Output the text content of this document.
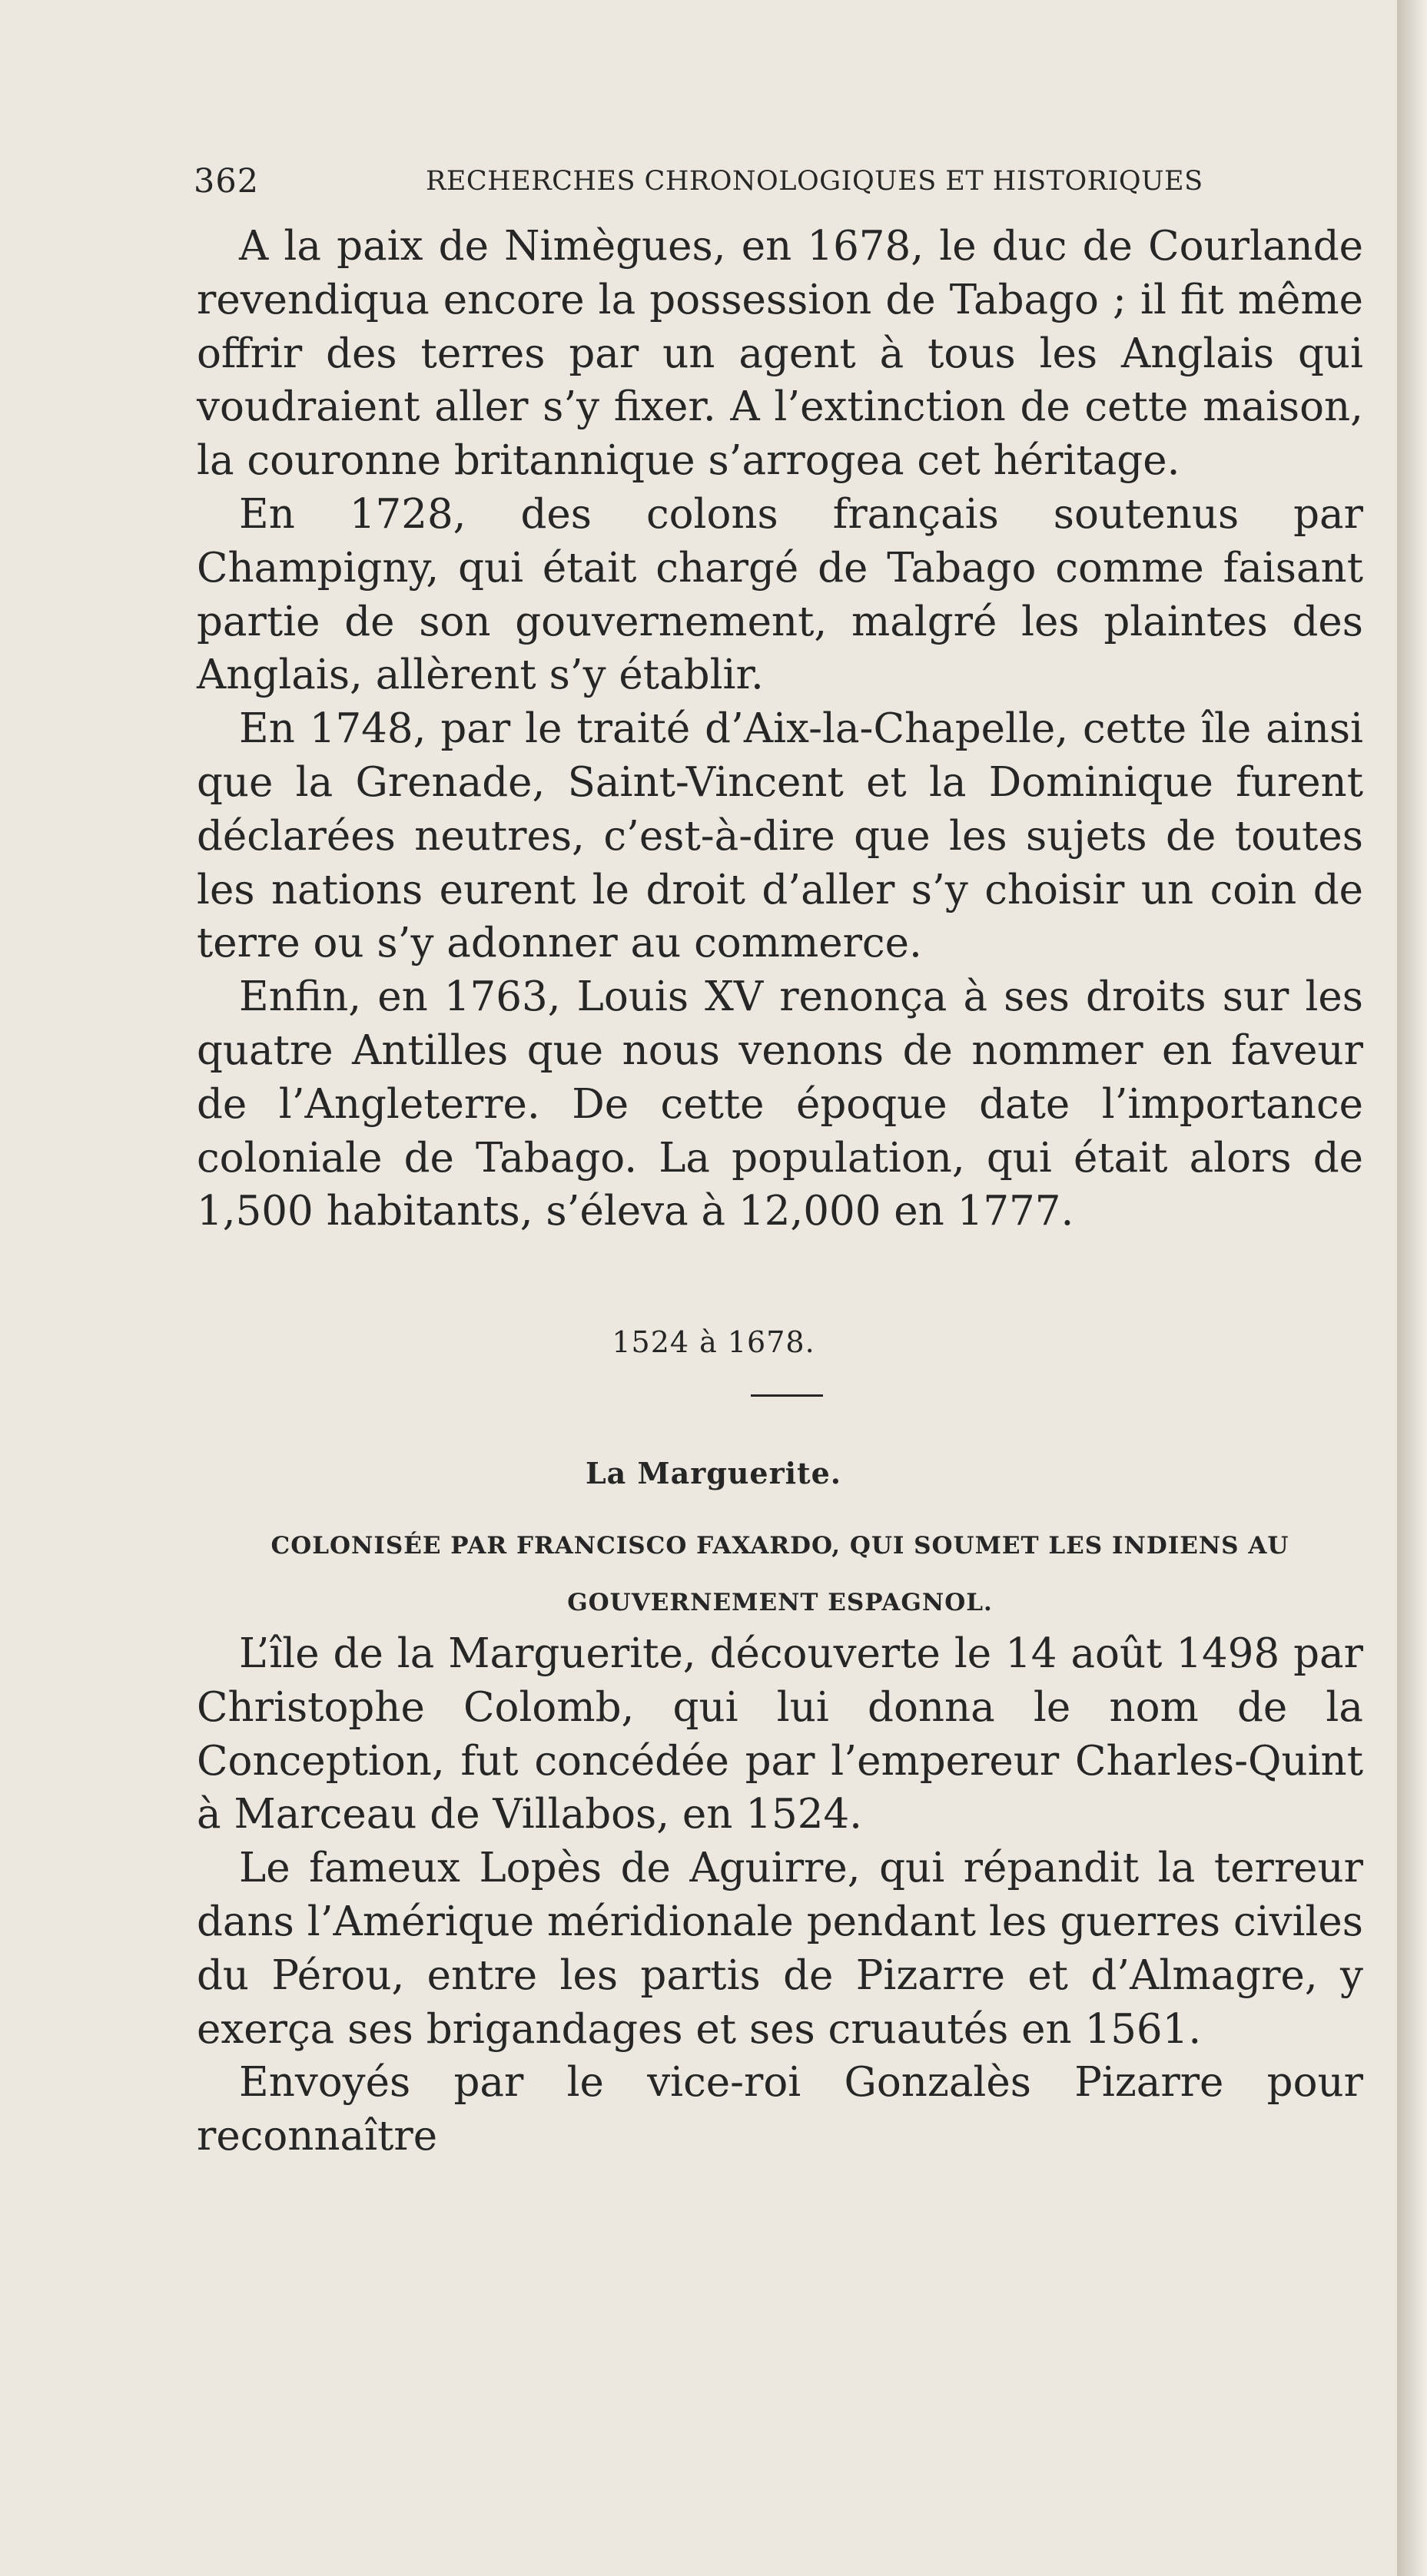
362	RECHERCHES CHRONOLOGIQUES ET HISTORIQUES

A la paix de Nimègues, en 1678, le duc de Courlande revendiqua encore la possession de Tabago ; il fit même offrir des terres par un agent à tous les Anglais qui voudraient aller s’y fixer. A l’extinction de cette maison, la couronne britannique s’arrogea cet héritage.

En 1728, des colons français soutenus par Champigny, qui était chargé de Tabago comme faisant partie de son gouvernement, malgré les plaintes des Anglais, allèrent s’y établir.

En 1748, par le traité d’Aix-la-Chapelle, cette île ainsi que la Grenade, Saint-Vincent et la Dominique furent déclarées neutres, c’est-à-dire que les sujets de toutes les nations eurent le droit d’aller s’y choisir un coin de terre ou s’y adonner au commerce.

Enfin, en 1763, Louis XV renonça à ses droits sur les quatre Antilles que nous venons de nommer en faveur de l’Angleterre. De cette époque date l’importance coloniale de Tabago. La population, qui était alors de 1,500 habitants, s’éleva à 12,000 en 1777.

1524 à 1678.
La Marguerite.
COLONISÉE PAR FRANCISCO FAXARDO, QUI SOUMET LES INDIENS AU GOUVERNEMENT ESPAGNOL.

L’île de la Marguerite, découverte le 14 août 1498 par Christophe Colomb, qui lui donna le nom de la Conception, fut concédée par l’empereur Charles-Quint à Marceau de Villabos, en 1524.

Le fameux Lopès de Aguirre, qui répandit la terreur dans l’Amérique méridionale pendant les guerres civiles du Pérou, entre les partis de Pizarre et d’Almagre, y exerça ses brigandages et ses cruautés en 1561.

Envoyés par le vice-roi Gonzalès Pizarre pour reconnaître
